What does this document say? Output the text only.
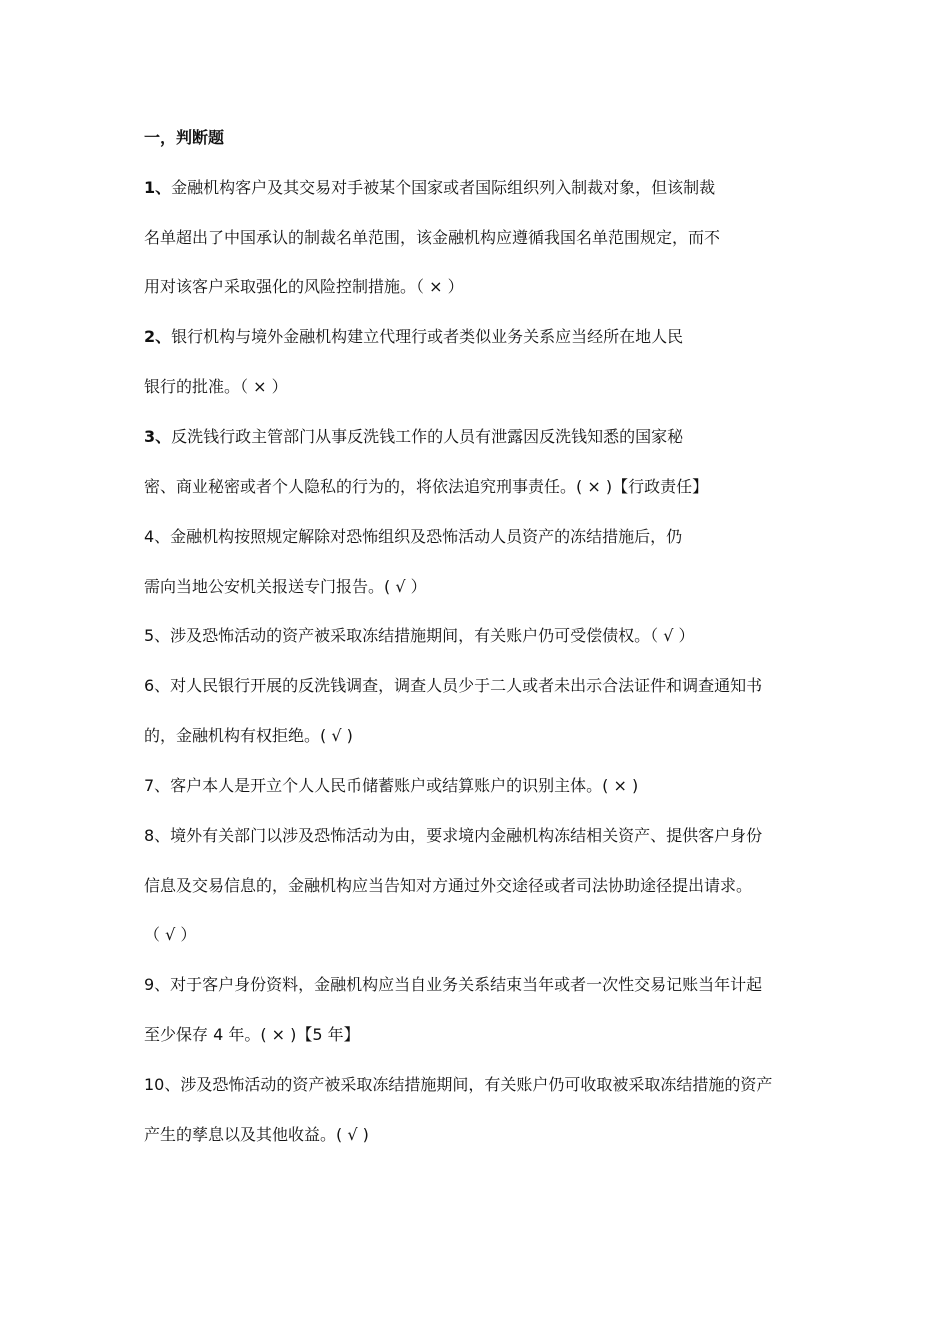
一，判断题
1、金融机构客户及其交易对手被某个国家或者国际组织列入制裁对象，但该制裁
名单超出了中国承认的制裁名单范围，该金融机构应遵循我国名单范围规定，而不
用对该客户采取强化的风险控制措施。（ × ）
2、银行机构与境外金融机构建立代理行或者类似业务关系应当经所在地人民
银行的批准。（ × ）
3、反洗钱行政主管部门从事反洗钱工作的人员有泄露因反洗钱知悉的国家秘
密、商业秘密或者个人隐私的行为的，将依法追究刑事责任。( × )【行政责任】
4、金融机构按照规定解除对恐怖组织及恐怖活动人员资产的冻结措施后，仍
需向当地公安机关报送专门报告。( √ ）
5、涉及恐怖活动的资产被采取冻结措施期间，有关账户仍可受偿债权。（ √ ）
6、对人民银行开展的反洗钱调查，调查人员少于二人或者未出示合法证件和调查通知书
的，金融机构有权拒绝。( √ )
7、客户本人是开立个人人民币储蓄账户或结算账户的识别主体。( × )
8、境外有关部门以涉及恐怖活动为由，要求境内金融机构冻结相关资产、提供客户身份
信息及交易信息的，金融机构应当告知对方通过外交途径或者司法协助途径提出请求。
（ √ ）
9、对于客户身份资料，金融机构应当自业务关系结束当年或者一次性交易记账当年计起
至少保存 4 年。( × )【5 年】
10、涉及恐怖活动的资产被采取冻结措施期间，有关账户仍可收取被采取冻结措施的资产
产生的孳息以及其他收益。( √ )
